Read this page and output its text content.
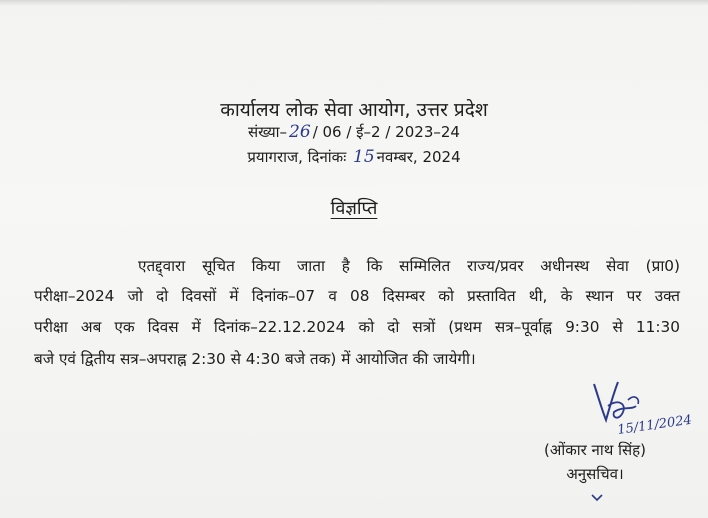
कार्यालय लोक सेवा आयोग, उत्तर प्रदेश
संख्या– 26 / 06 / ई–2 / 2023–24
प्रयागराज, दिनांकः 15 नवम्बर, 2024
विज्ञप्ति
एतद्द्वारा सूचित किया जाता है कि सम्मिलित राज्य/प्रवर अधीनस्थ सेवा (प्रा0)
परीक्षा–2024 जो दो दिवसों में दिनांक–07 व 08 दिसम्बर को प्रस्तावित थी, के स्थान पर उक्त
परीक्षा अब एक दिवस में दिनांक–22.12.2024 को दो सत्रों (प्रथम सत्र–पूर्वाह्न 9:30 से 11:30
बजे एवं द्वितीय सत्र–अपराह्न 2:30 से 4:30 बजे तक) में आयोजित की जायेगी।
15/11/2024
(ओंकार नाथ सिंह)
अनुसचिव।
